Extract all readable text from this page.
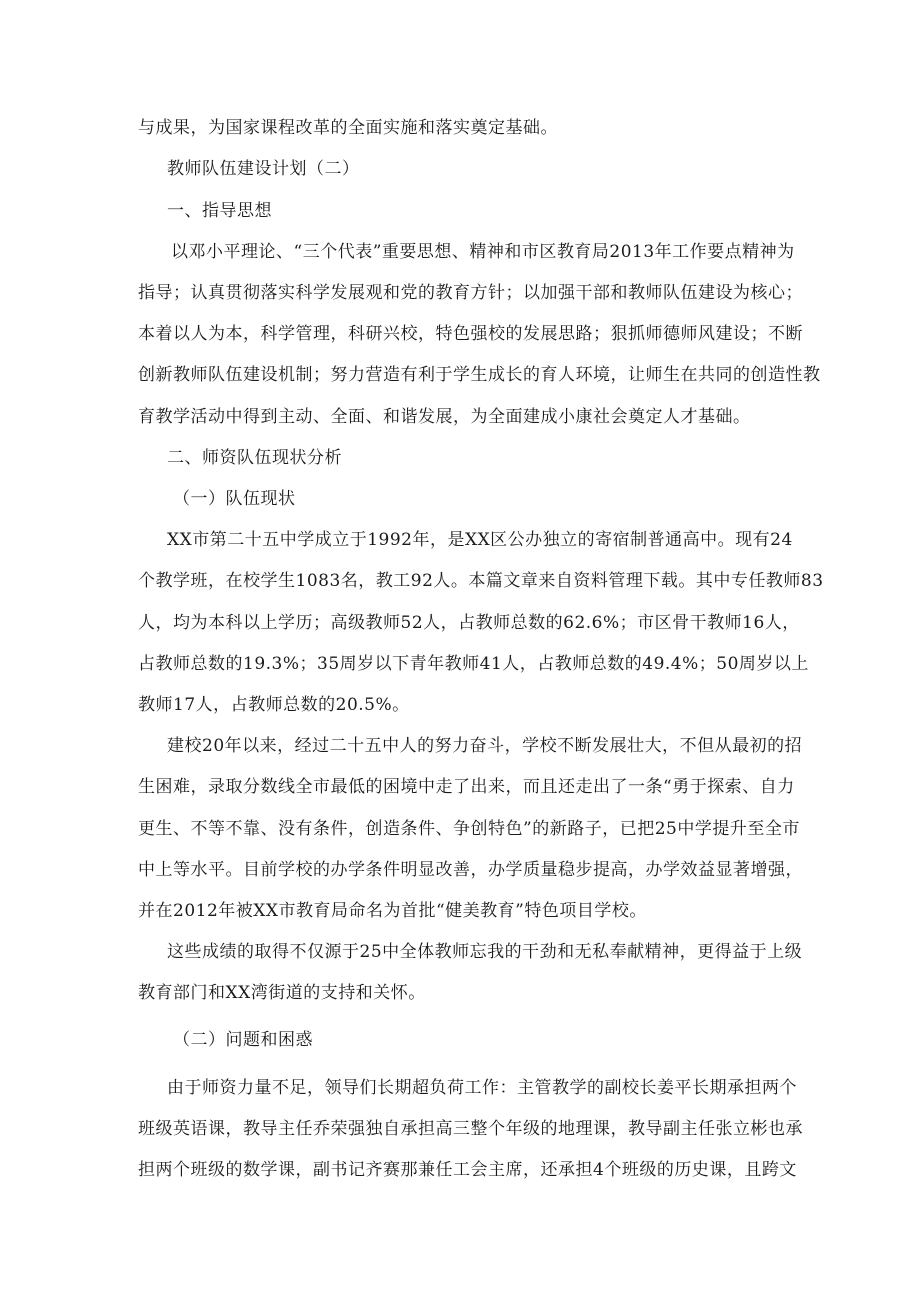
与成果，为国家课程改革的全面实施和落实奠定基础。
教师队伍建设计划（二）
一、指导思想
以邓小平理论、“三个代表”重要思想、精神和市区教育局2013年工作要点精神为
指导；认真贯彻落实科学发展观和党的教育方针；以加强干部和教师队伍建设为核心；
本着以人为本，科学管理，科研兴校，特色强校的发展思路；狠抓师德师风建设；不断
创新教师队伍建设机制；努力营造有利于学生成长的育人环境，让师生在共同的创造性教
育教学活动中得到主动、全面、和谐发展，为全面建成小康社会奠定人才基础。
二、师资队伍现状分析
（一）队伍现状
XX市第二十五中学成立于1992年，是XX区公办独立的寄宿制普通高中。现有24
个教学班，在校学生1083名，教工92人。本篇文章来自资料管理下载。其中专任教师83
人，均为本科以上学历；高级教师52人，占教师总数的62.6%；市区骨干教师16人，
占教师总数的19.3%；35周岁以下青年教师41人，占教师总数的49.4%；50周岁以上
教师17人，占教师总数的20.5%。
建校20年以来，经过二十五中人的努力奋斗，学校不断发展壮大，不但从最初的招
生困难，录取分数线全市最低的困境中走了出来，而且还走出了一条“勇于探索、自力
更生、不等不靠、没有条件，创造条件、争创特色”的新路子，已把25中学提升至全市
中上等水平。目前学校的办学条件明显改善，办学质量稳步提高，办学效益显著增强，
并在2012年被XX市教育局命名为首批“健美教育”特色项目学校。
这些成绩的取得不仅源于25中全体教师忘我的干劲和无私奉献精神，更得益于上级
教育部门和XX湾街道的支持和关怀。
（二）问题和困惑
由于师资力量不足，领导们长期超负荷工作：主管教学的副校长姜平长期承担两个
班级英语课，教导主任乔荣强独自承担高三整个年级的地理课，教导副主任张立彬也承
担两个班级的数学课，副书记齐赛那兼任工会主席，还承担4个班级的历史课，且跨文
